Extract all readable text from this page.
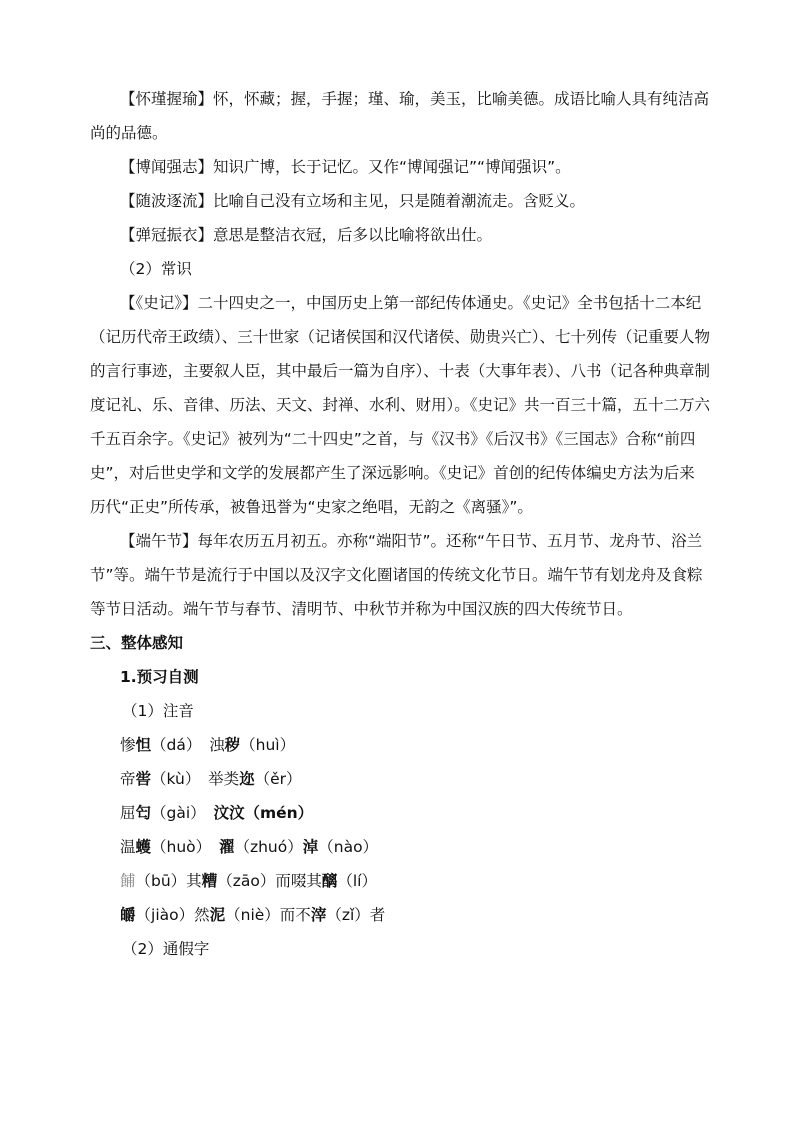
【怀瑾握瑜】怀，怀藏；握，手握；瑾、瑜，美玉，比喻美德。成语比喻人具有纯洁高尚的品德。

【博闻强志】知识广博，长于记忆。又作“博闻强记”“博闻强识”。

【随波逐流】比喻自己没有立场和主见，只是随着潮流走。含贬义。

【弹冠振衣】意思是整洁衣冠，后多以比喻将欲出仕。

（2）常识

【《史记》】二十四史之一，中国历史上第一部纪传体通史。《史记》全书包括十二本纪（记历代帝王政绩）、三十世家（记诸侯国和汉代诸侯、勋贵兴亡）、七十列传（记重要人物的言行事迹，主要叙人臣，其中最后一篇为自序）、十表（大事年表）、八书（记各种典章制度记礼、乐、音律、历法、天文、封禅、水利、财用）。《史记》共一百三十篇，五十二万六千五百余字。《史记》被列为“二十四史”之首，与《汉书》《后汉书》《三国志》合称“前四史”，对后世史学和文学的发展都产生了深远影响。《史记》首创的纪传体编史方法为后来历代“正史”所传承，被鲁迅誉为“史家之绝唱，无韵之《离骚》”。

【端午节】每年农历五月初五。亦称“端阳节”。还称“午日节、五月节、龙舟节、浴兰节”等。端午节是流行于中国以及汉字文化圈诸国的传统文化节日。端午节有划龙舟及食粽等节日活动。端午节与春节、清明节、中秋节并称为中国汉族的四大传统节日。

三、整体感知
1.预习自测
（1）注音
惨怛（dá）　浊秽（huì）
帝喾（kù）　举类迩（ěr）
屈匄（gài）　 汶汶（mén）
温蠖（huò）　 濯（zhuó）淖（nào）
餔（bū）其糟（zāo）而啜其醨（lí）
皭（jiào）然泥（niè）而不滓（zǐ）者
（2）通假字
